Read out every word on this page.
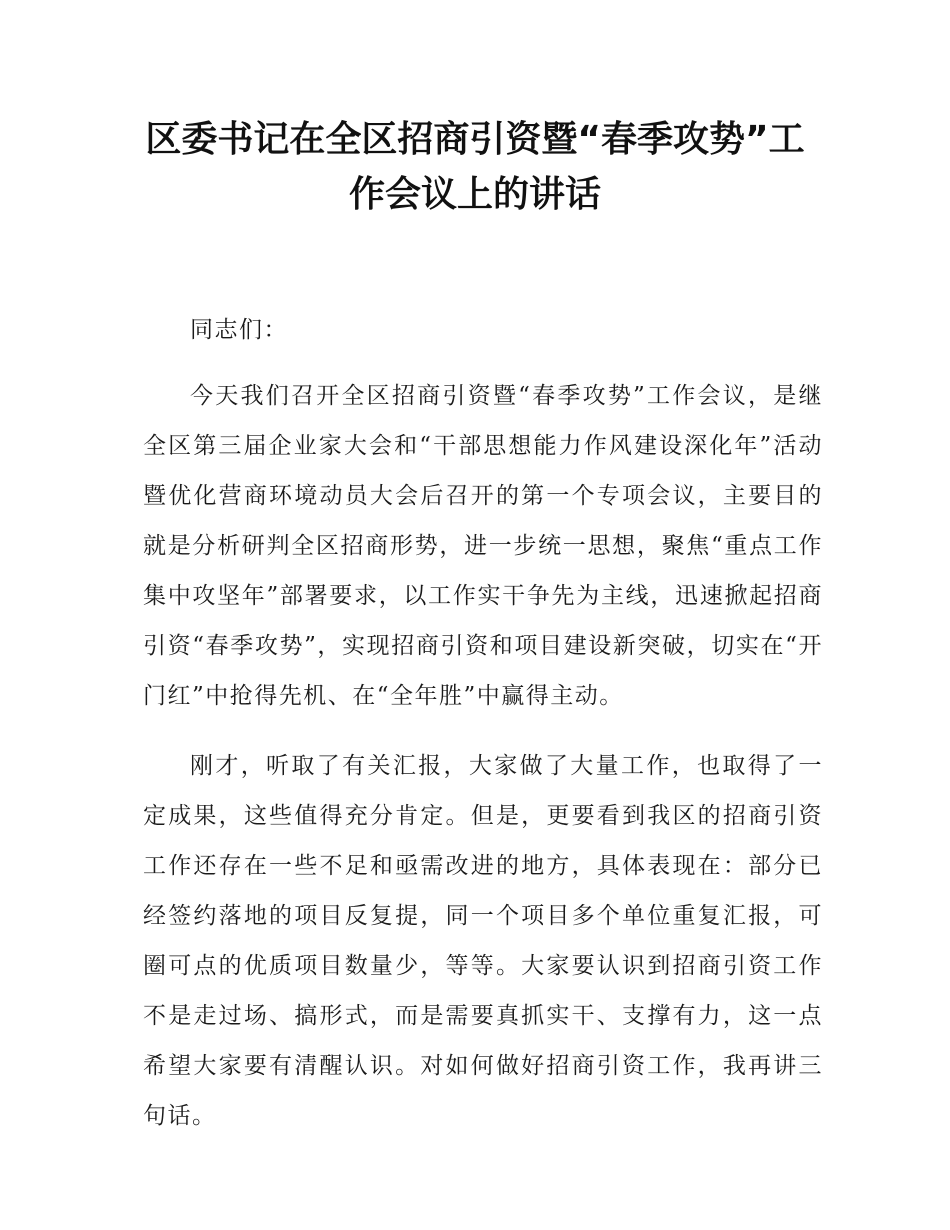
区委书记在全区招商引资暨“春季攻势”工作会议上的讲话

同志们：

今天我们召开全区招商引资暨“春季攻势”工作会议，是继全区第三届企业家大会和“干部思想能力作风建设深化年”活动暨优化营商环境动员大会后召开的第一个专项会议，主要目的就是分析研判全区招商形势，进一步统一思想，聚焦“重点工作集中攻坚年”部署要求，以工作实干争先为主线，迅速掀起招商引资“春季攻势”，实现招商引资和项目建设新突破，切实在“开门红”中抢得先机、在“全年胜”中赢得主动。

刚才，听取了有关汇报，大家做了大量工作，也取得了一定成果，这些值得充分肯定。但是，更要看到我区的招商引资工作还存在一些不足和亟需改进的地方，具体表现在：部分已经签约落地的项目反复提，同一个项目多个单位重复汇报，可圈可点的优质项目数量少，等等。大家要认识到招商引资工作不是走过场、搞形式，而是需要真抓实干、支撑有力，这一点希望大家要有清醒认识。对如何做好招商引资工作，我再讲三句话。
